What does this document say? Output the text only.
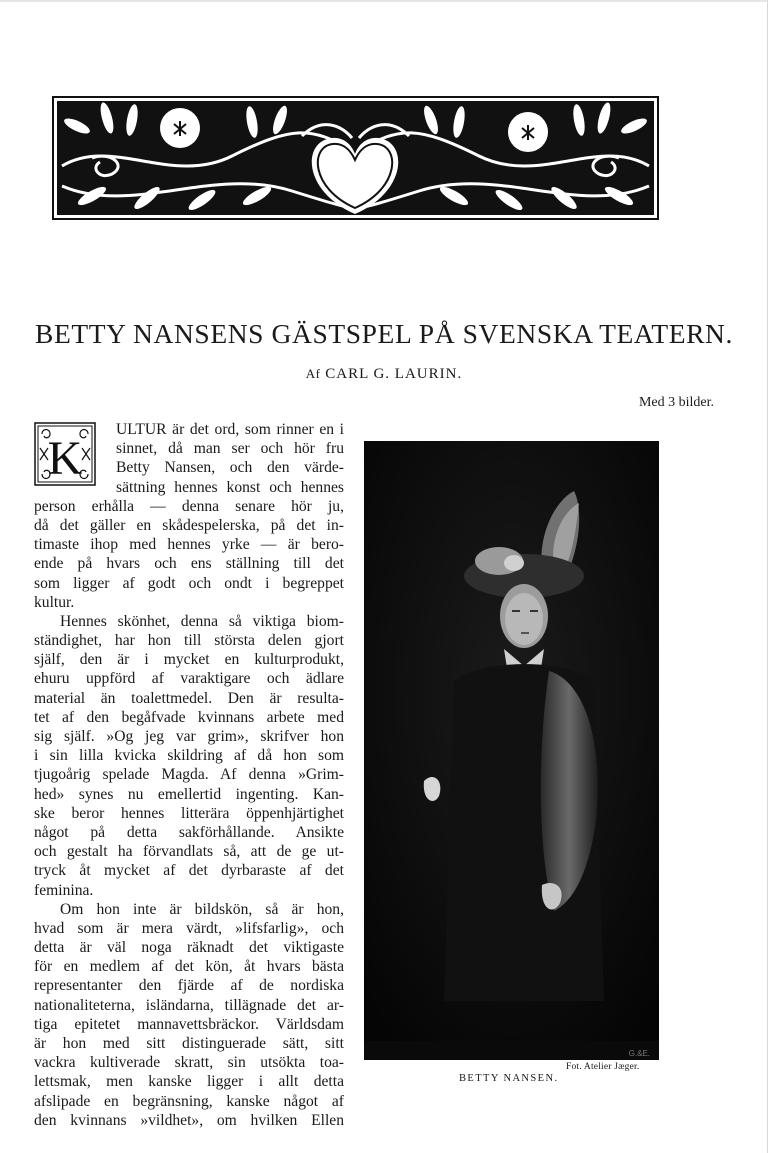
BETTY NANSENS GÄSTSPEL PÅ SVENSKA TEATERN.
Af CARL G. LAURIN.
Med 3 bilder.
K
ULTUR är det ord, som rinner en i
sinnet, då man ser och hör fru
Betty Nansen, och den värde-
sättning hennes konst och hennes
person erhålla — denna senare hör ju,
då det gäller en skådespelerska, på det in-
timaste ihop med hennes yrke — är bero-
ende på hvars och ens ställning till det
som ligger af godt och ondt i begreppet
kultur.
Hennes skönhet, denna så viktiga biom-
ständighet, har hon till största delen gjort
själf, den är i mycket en kulturprodukt,
ehuru uppförd af varaktigare och ädlare
material än toalettmedel. Den är resulta-
tet af den begåfvade kvinnans arbete med
sig själf. »Og jeg var grim», skrifver hon
i sin lilla kvicka skildring af då hon som
tjugoårig spelade Magda. Af denna »Grim-
hed» synes nu emellertid ingenting. Kan-
ske beror hennes litterära öppenhjärtighet
något på detta sakförhållande. Ansikte
och gestalt ha förvandlats så, att de ge ut-
tryck åt mycket af det dyrbaraste af det
feminina.
Om hon inte är bildskön, så är hon,
hvad som är mera värdt, »lifsfarlig», och
detta är väl noga räknadt det viktigaste
för en medlem af det kön, åt hvars bästa
representanter den fjärde af de nordiska
nationaliteterna, isländarna, tillägnade det ar-
tiga epitetet mannavettsbräckor. Världsdam
är hon med sitt distinguerade sätt, sitt
vackra kultiverade skratt, sin utsökta toa-
lettsmak, men kanske ligger i allt detta
afslipade en begränsning, kanske något af
den kvinnans »vildhet», om hvilken Ellen
G.&E.
Fot. Atelier Jæger.
BETTY NANSEN.
